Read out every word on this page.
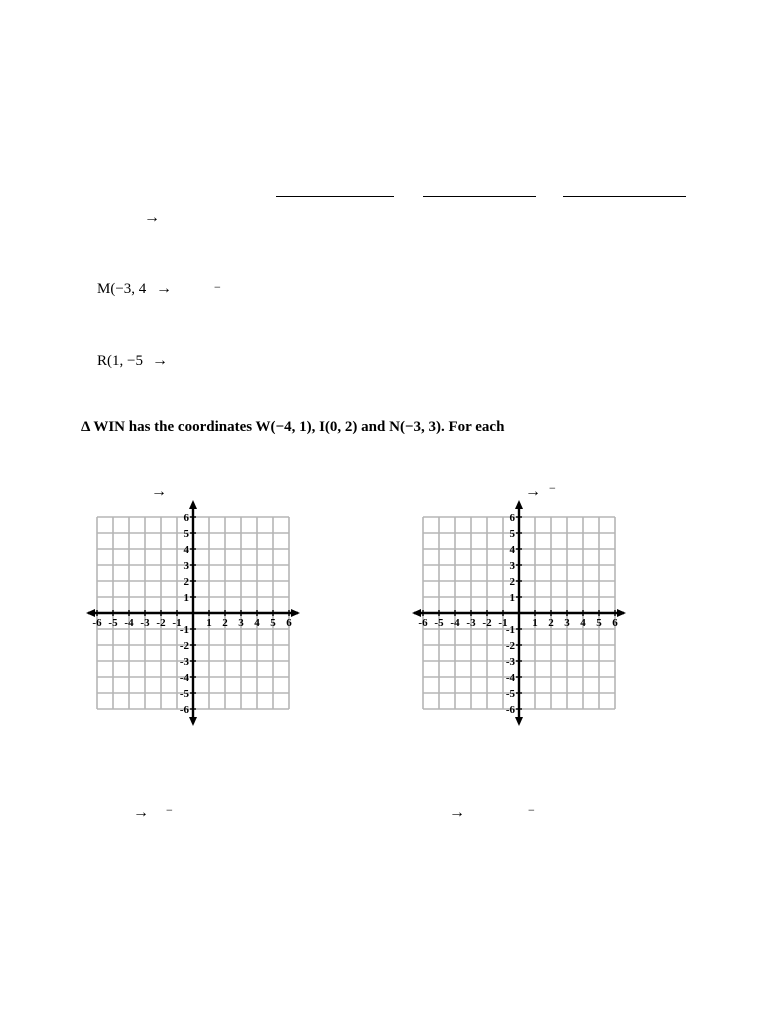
→
M(−3, 4 →	−
R(1, −5 →
Δ WIN has the coordinates W(−4, 1), I(0, 2) and N(−3, 3). For each
→	→ −
-6 -5 -4 -3 -2 -1 1 2 3 4 5 6
6
5
4
3
2
1
-1
-2
-3
-4
-5
-6
-6 -5 -4 -3 -2 -1 1 2 3 4 5 6
6
5
4
3
2
1
-1
-2
-3
-4
-5
-6
→ −	→	−
